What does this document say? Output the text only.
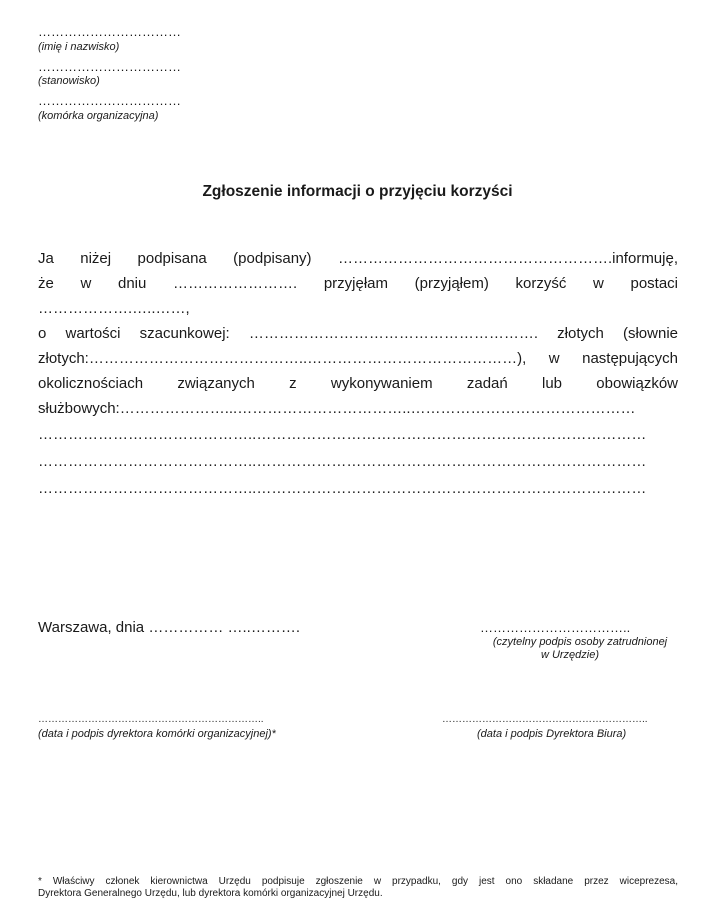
……………………………
(imię i nazwisko)
……………………………
(stanowisko)
……………………………
(komórka organizacyjna)
Zgłoszenie informacji o przyjęciu korzyści
Ja niżej podpisana (podpisany) ……………………………………………….informuję,
że w dniu ……………………. przyjęłam (przyjąłem) korzyść w postaci
……………….…..……,
o wartości szacunkowej: …………………………………………………. złotych (słownie
złotych:……………………………………..……………………………………), w następujących
okolicznościach związanych z wykonywaniem zadań lub obowiązków
służbowych:…………………...……………………………..………………………………………
……………………………………..……………………………………………………………………
……………………………………..……………………………………………………………………
……………………………………..……………………………………………………………………
Warszawa, dnia …………… …..……….	……………………………..
(czytelny podpis osoby zatrudnionej
w Urzędzie)
…………………………………………………………..
(data i podpis dyrektora komórki organizacyjnej)*
……………………………………………………..
(data i podpis Dyrektora Biura)
* Właściwy członek kierownictwa Urzędu podpisuje zgłoszenie w przypadku, gdy jest ono składane przez wiceprezesa,
Dyrektora Generalnego Urzędu, lub dyrektora komórki organizacyjnej Urzędu.
